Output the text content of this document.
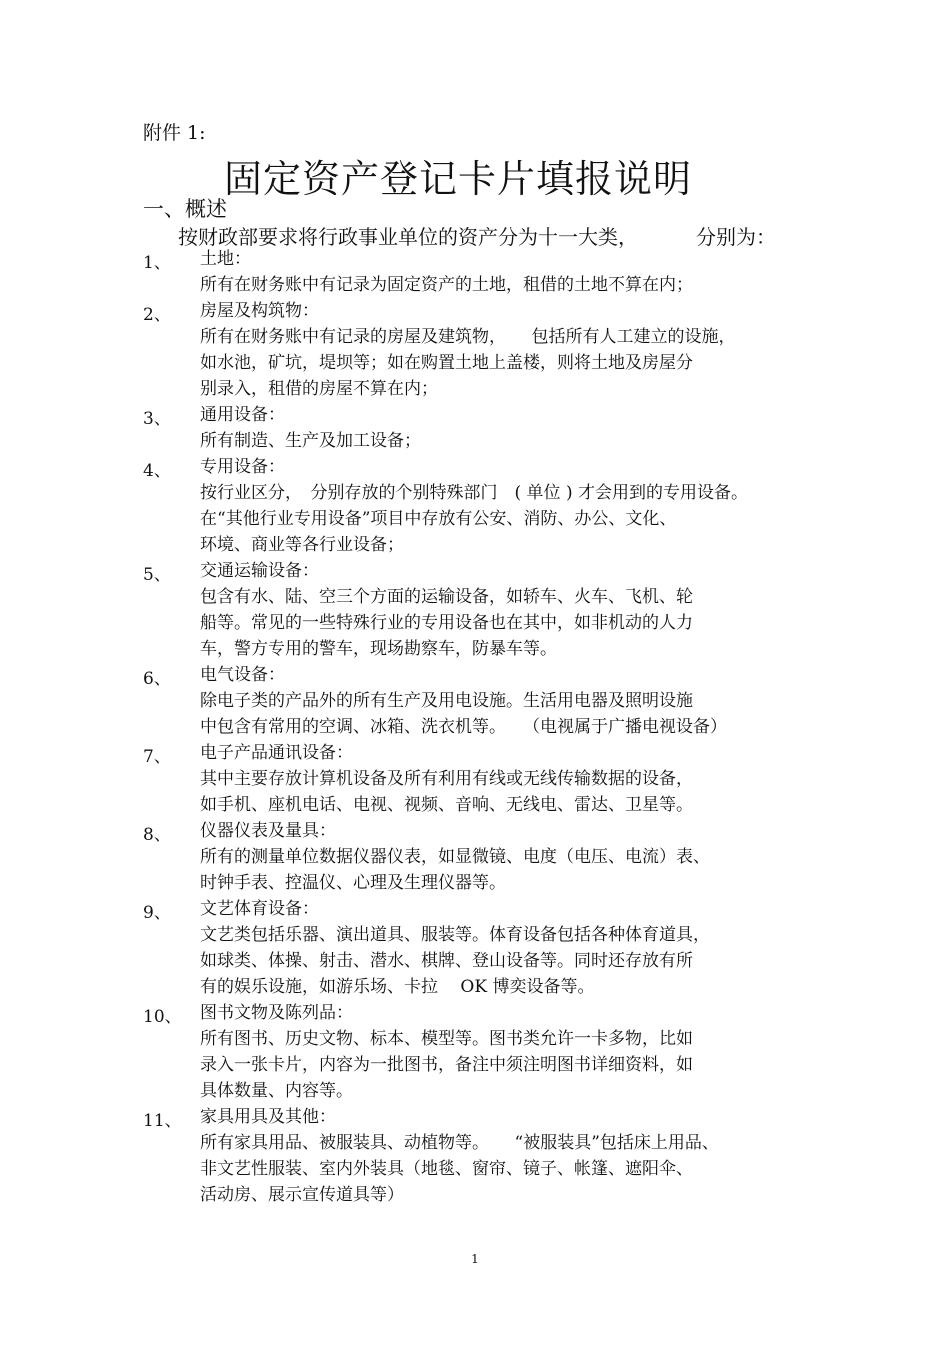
附件 1:
固定资产登记卡片填报说明
一、概述
按财政部要求将行政事业单位的资产分为十一大类，	分别为：
1、	土地：
所有在财务账中有记录为固定资产的土地，租借的土地不算在内；
2、	房屋及构筑物：
所有在财务账中有记录的房屋及建筑物，　　包括所有人工建立的设施，
如水池，矿坑，堤坝等；如在购置土地上盖楼，则将土地及房屋分
别录入，租借的房屋不算在内；
3、	通用设备：
所有制造、生产及加工设备；
4、	专用设备：
按行业区分，　分别存放的个别特殊部门　( 单位 ) 才会用到的专用设备。
在“其他行业专用设备”项目中存放有公安、消防、办公、文化、
环境、商业等各行业设备；
5、	交通运输设备：
包含有水、陆、空三个方面的运输设备，如轿车、火车、飞机、轮
船等。常见的一些特殊行业的专用设备也在其中，如非机动的人力
车，警方专用的警车，现场勘察车，防暴车等。
6、	电气设备：
除电子类的产品外的所有生产及用电设施。生活用电器及照明设施
中包含有常用的空调、冰箱、洗衣机等。　　（电视属于广播电视设备）
7、	电子产品通讯设备：
其中主要存放计算机设备及所有利用有线或无线传输数据的设备，
如手机、座机电话、电视、视频、音响、无线电、雷达、卫星等。
8、	仪器仪表及量具：
所有的测量单位数据仪器仪表，如显微镜、电度（电压、电流）表、
时钟手表、控温仪、心理及生理仪器等。
9、	文艺体育设备：
文艺类包括乐器、演出道具、服装等。体育设备包括各种体育道具，
如球类、体操、射击、潜水、棋牌、登山设备等。同时还存放有所
有的娱乐设施，如游乐场、卡拉　 OK 博奕设备等。
10、	图书文物及陈列品：
所有图书、历史文物、标本、模型等。图书类允许一卡多物，比如
录入一张卡片，内容为一批图书，备注中须注明图书详细资料，如
具体数量、内容等。
11、	家具用具及其他：
所有家具用品、被服装具、动植物等。　　“被服装具”包括床上用品、
非文艺性服装、室内外装具（地毯、窗帘、镜子、帐篷、遮阳伞、
活动房、展示宣传道具等）
1
